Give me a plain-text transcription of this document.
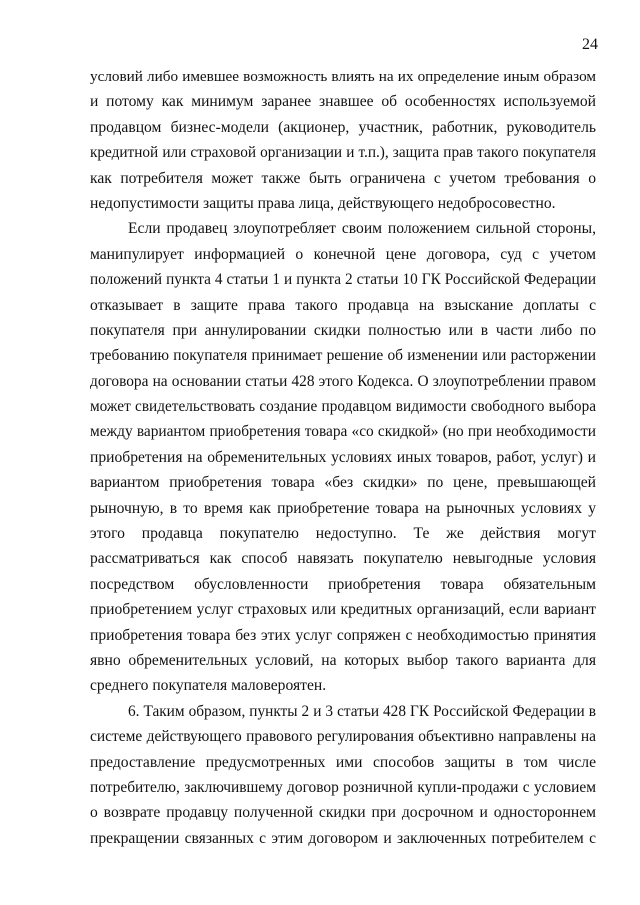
24
условий либо имевшее возможность влиять на их определение иным образом
и потому как минимум заранее знавшее об особенностях используемой
продавцом бизнес-модели (акционер, участник, работник, руководитель
кредитной или страховой организации и т.п.), защита прав такого покупателя
как потребителя может также быть ограничена с учетом требования о
недопустимости защиты права лица, действующего недобросовестно.
Если продавец злоупотребляет своим положением сильной стороны,
манипулирует информацией о конечной цене договора, суд с учетом
положений пункта 4 статьи 1 и пункта 2 статьи 10 ГК Российской Федерации
отказывает в защите права такого продавца на взыскание доплаты с
покупателя при аннулировании скидки полностью или в части либо по
требованию покупателя принимает решение об изменении или расторжении
договора на основании статьи 428 этого Кодекса. О злоупотреблении правом
может свидетельствовать создание продавцом видимости свободного выбора
между вариантом приобретения товара «со скидкой» (но при необходимости
приобретения на обременительных условиях иных товаров, работ, услуг) и
вариантом приобретения товара «без скидки» по цене, превышающей
рыночную, в то время как приобретение товара на рыночных условиях у
этого продавца покупателю недоступно. Те же действия могут
рассматриваться как способ навязать покупателю невыгодные условия
посредством обусловленности приобретения товара обязательным
приобретением услуг страховых или кредитных организаций, если вариант
приобретения товара без этих услуг сопряжен с необходимостью принятия
явно обременительных условий, на которых выбор такого варианта для
среднего покупателя маловероятен.
6. Таким образом, пункты 2 и 3 статьи 428 ГК Российской Федерации в
системе действующего правового регулирования объективно направлены на
предоставление предусмотренных ими способов защиты в том числе
потребителю, заключившему договор розничной купли-продажи с условием
о возврате продавцу полученной скидки при досрочном и одностороннем
прекращении связанных с этим договором и заключенных потребителем с
